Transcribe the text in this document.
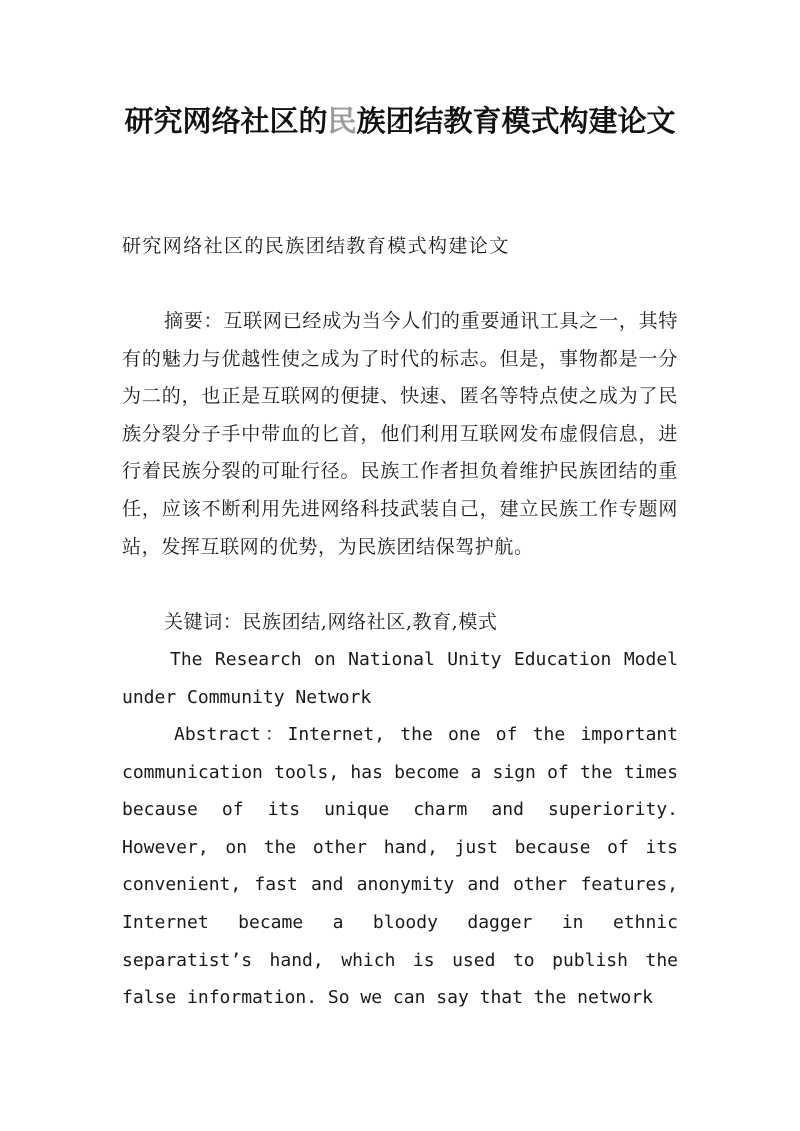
研究网络社区的民族团结教育模式构建论文

研究网络社区的民族团结教育模式构建论文

摘要：互联网已经成为当今人们的重要通讯工具之一，其特有的魅力与优越性使之成为了时代的标志。但是，事物都是一分为二的，也正是互联网的便捷、快速、匿名等特点使之成为了民族分裂分子手中带血的匕首，他们利用互联网发布虚假信息，进行着民族分裂的可耻行径。民族工作者担负着维护民族团结的重任，应该不断利用先进网络科技武装自己，建立民族工作专题网站，发挥互联网的优势，为民族团结保驾护航。

关键词：民族团结,网络社区,教育,模式

The Research on National Unity Education Model under Community Network

Abstract：Internet, the one of the important communication tools, has become a sign of the times because of its unique charm and superiority. However, on the other hand, just because of its convenient, fast and anonymity and other features, Internet became a bloody dagger in ethnic separatist’s hand, which is used to publish the false information. So we can say that the network
